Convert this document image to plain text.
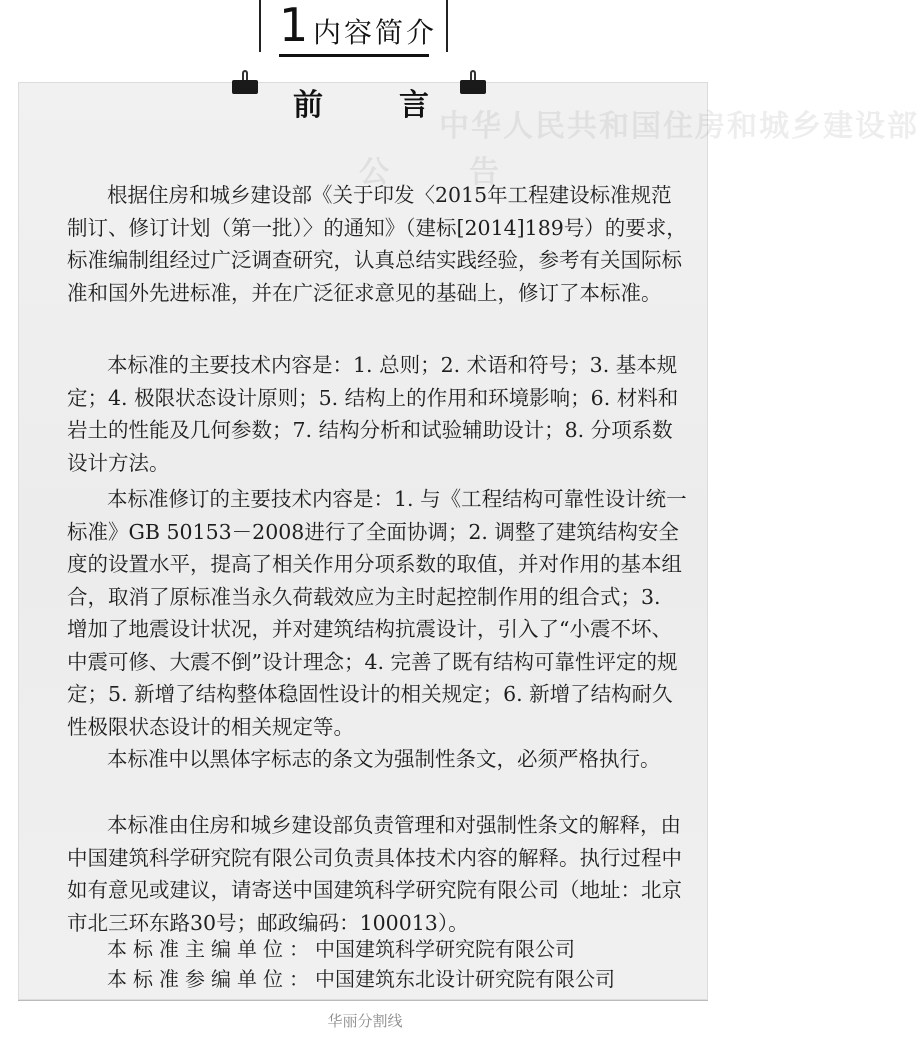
1 内容简介
中华人民共和国住房和城乡建设部
公告
前	言
根据住房和城乡建设部《关于印发〈2015年工程建设标准规范制订、修订计划（第一批）〉的通知》（建标[2014]189号）的要求，标准编制组经过广泛调查研究，认真总结实践经验，参考有关国际标准和国外先进标准，并在广泛征求意见的基础上，修订了本标准。
本标准的主要技术内容是：1. 总则；2. 术语和符号；3. 基本规定；4. 极限状态设计原则；5. 结构上的作用和环境影响；6. 材料和岩土的性能及几何参数；7. 结构分析和试验辅助设计；8. 分项系数设计方法。
本标准修订的主要技术内容是：1. 与《工程结构可靠性设计统一标准》GB 50153－2008进行了全面协调；2. 调整了建筑结构安全度的设置水平，提高了相关作用分项系数的取值，并对作用的基本组合，取消了原标准当永久荷载效应为主时起控制作用的组合式；3. 增加了地震设计状况，并对建筑结构抗震设计，引入了“小震不坏、中震可修、大震不倒”设计理念；4. 完善了既有结构可靠性评定的规定；5. 新增了结构整体稳固性设计的相关规定；6. 新增了结构耐久性极限状态设计的相关规定等。
本标准中以黑体字标志的条文为强制性条文，必须严格执行。
本标准由住房和城乡建设部负责管理和对强制性条文的解释，由中国建筑科学研究院有限公司负责具体技术内容的解释。执行过程中如有意见或建议，请寄送中国建筑科学研究院有限公司（地址：北京市北三环东路30号；邮政编码：100013）。
本标准主编单位：中国建筑科学研究院有限公司
本标准参编单位：中国建筑东北设计研究院有限公司
华丽分割线
